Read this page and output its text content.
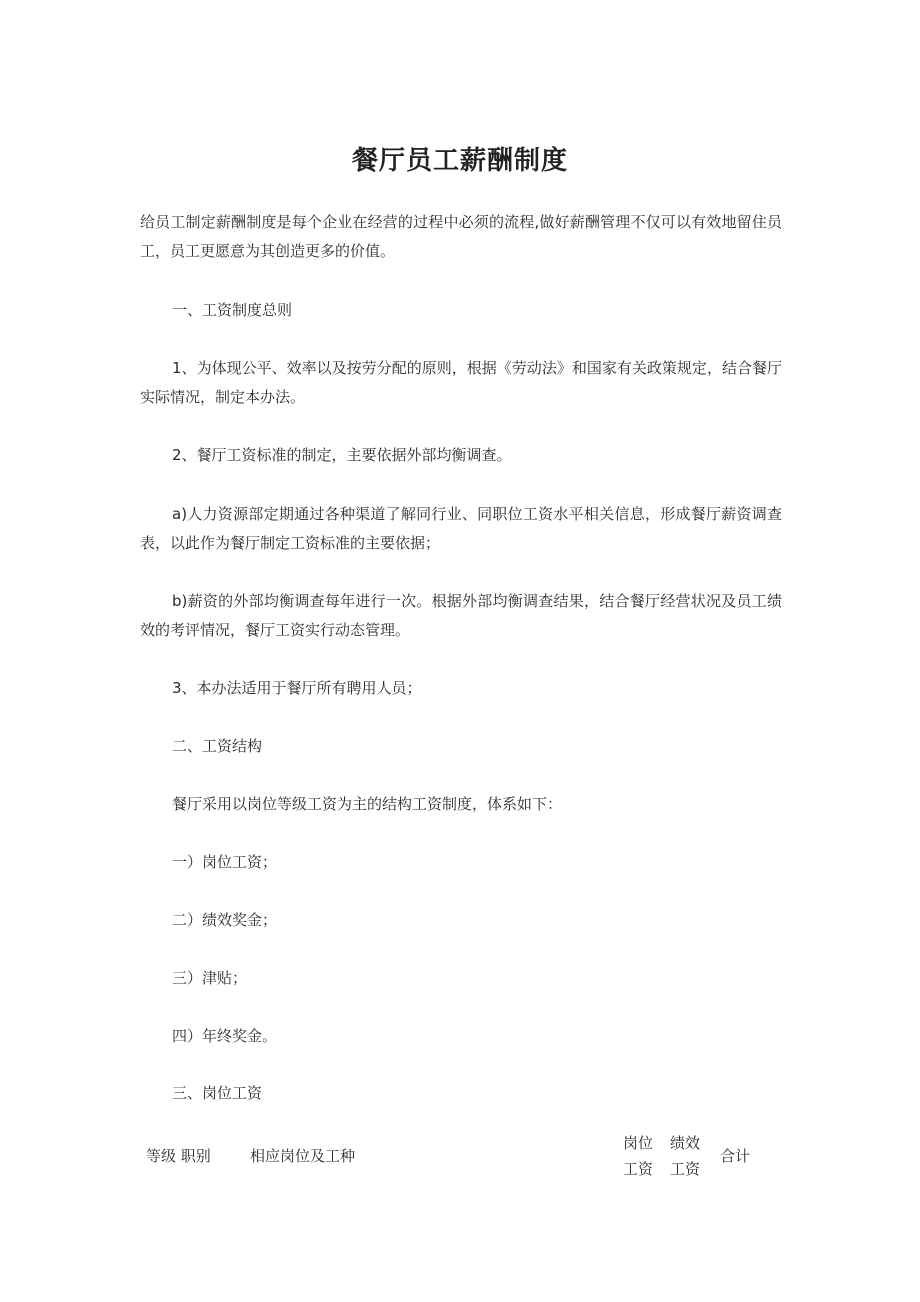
餐厅员工薪酬制度

给员工制定薪酬制度是每个企业在经营的过程中必须的流程,做好薪酬管理不仅可以有效地留住员工，员工更愿意为其创造更多的价值。

一、工资制度总则

1、为体现公平、效率以及按劳分配的原则，根据《劳动法》和国家有关政策规定，结合餐厅实际情况，制定本办法。

2、餐厅工资标准的制定，主要依据外部均衡调查。

a)人力资源部定期通过各种渠道了解同行业、同职位工资水平相关信息，形成餐厅薪资调查表，以此作为餐厅制定工资标准的主要依据；

b)薪资的外部均衡调查每年进行一次。根据外部均衡调查结果，结合餐厅经营状况及员工绩效的考评情况，餐厅工资实行动态管理。

3、本办法适用于餐厅所有聘用人员；

二、工资结构

餐厅采用以岗位等级工资为主的结构工资制度，体系如下：

一）岗位工资；

二）绩效奖金；

三）津贴；

四）年终奖金。

三、岗位工资

等级 职别	相应岗位及工种
岗位工资
绩效工资
合计
